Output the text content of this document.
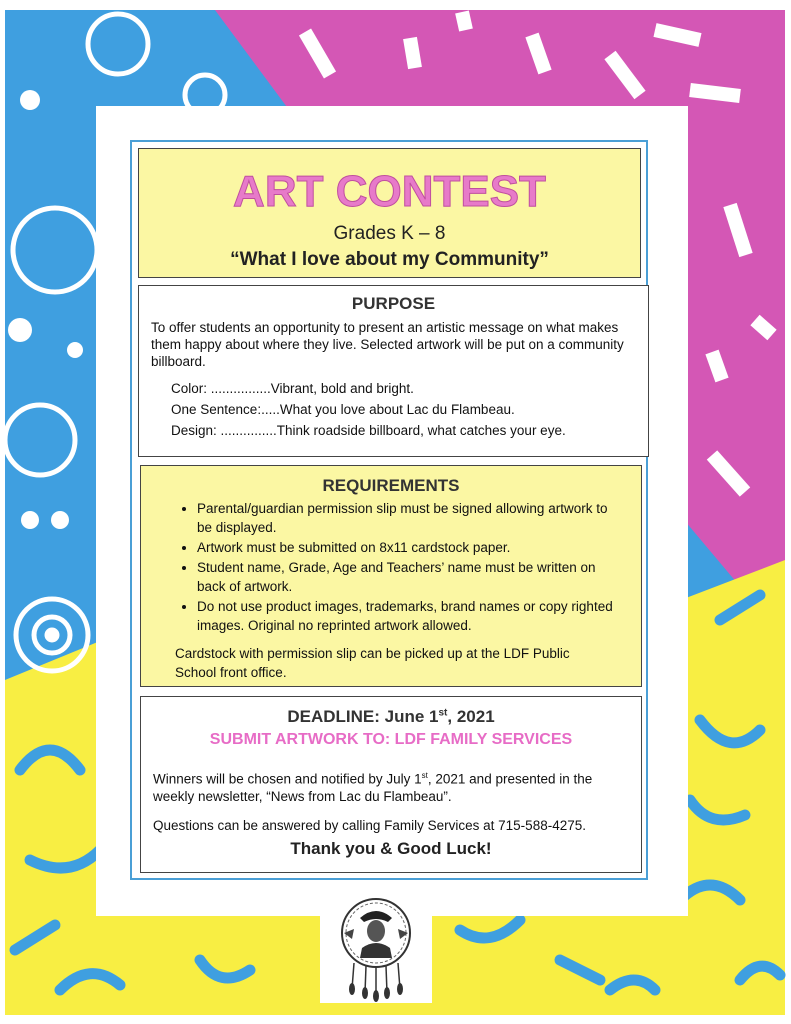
ART CONTEST
Grades K – 8
“What I love about my Community”

PURPOSE

To offer students an opportunity to present an artistic message on what makes them happy about where they live. Selected artwork will be put on a community billboard.
Color: ................Vibrant, bold and bright.
One Sentence:.....What you love about Lac du Flambeau.
Design: ...............Think roadside billboard, what catches your eye.

REQUIREMENTS

• Parental/guardian permission slip must be signed allowing artwork to be displayed.
• Artwork must be submitted on 8x11 cardstock paper.
• Student name, Grade, Age and Teachers’ name must be written on back of artwork.
• Do not use product images, trademarks, brand names or copy righted images. Original no reprinted artwork allowed.
Cardstock with permission slip can be picked up at the LDF Public School front office.
DEADLINE: June 1st, 2021
SUBMIT ARTWORK TO: LDF FAMILY SERVICES
Winners will be chosen and notified by July 1st, 2021 and presented in the weekly newsletter, “News from Lac du Flambeau”.
Questions can be answered by calling Family Services at 715-588-4275.
Thank you & Good Luck!
